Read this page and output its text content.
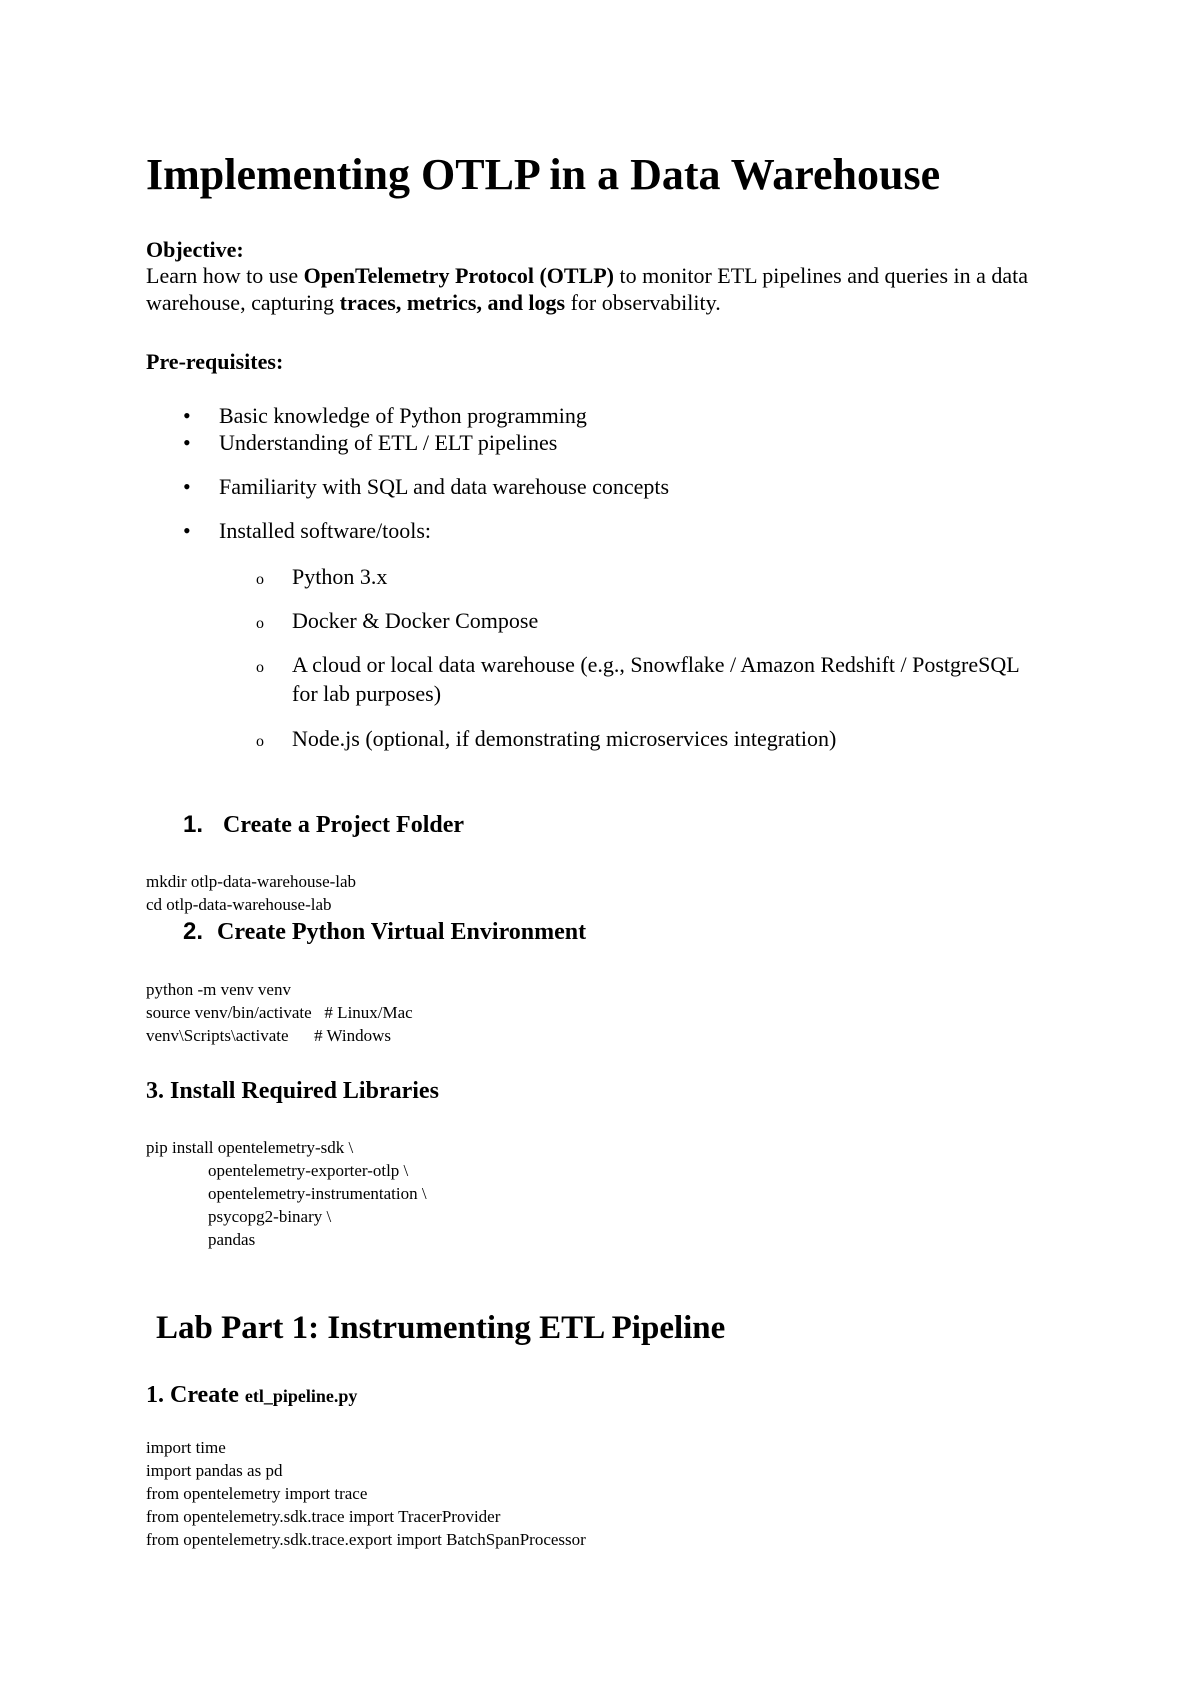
Implementing OTLP in a Data Warehouse

Objective:

Learn how to use OpenTelemetry Protocol (OTLP) to monitor ETL pipelines and queries in a data warehouse, capturing traces, metrics, and logs for observability.

Pre-requisites:

• Basic knowledge of Python programming
• Understanding of ETL / ELT pipelines
• Familiarity with SQL and data warehouse concepts
• Installed software/tools:
o Python 3.x
o Docker & Docker Compose
o A cloud or local data warehouse (e.g., Snowflake / Amazon Redshift / PostgreSQL for lab purposes)
o Node.js (optional, if demonstrating microservices integration)
1. Create a Project Folder
mkdir otlp-data-warehouse-lab
cd otlp-data-warehouse-lab
2. Create Python Virtual Environment
python -m venv venv
source venv/bin/activate   # Linux/Mac
venv\Scripts\activate      # Windows
3. Install Required Libraries
pip install opentelemetry-sdk \
opentelemetry-exporter-otlp \
opentelemetry-instrumentation \
psycopg2-binary \
pandas
Lab Part 1: Instrumenting ETL Pipeline
1. Create etl_pipeline.py
import time
import pandas as pd
from opentelemetry import trace
from opentelemetry.sdk.trace import TracerProvider
from opentelemetry.sdk.trace.export import BatchSpanProcessor
